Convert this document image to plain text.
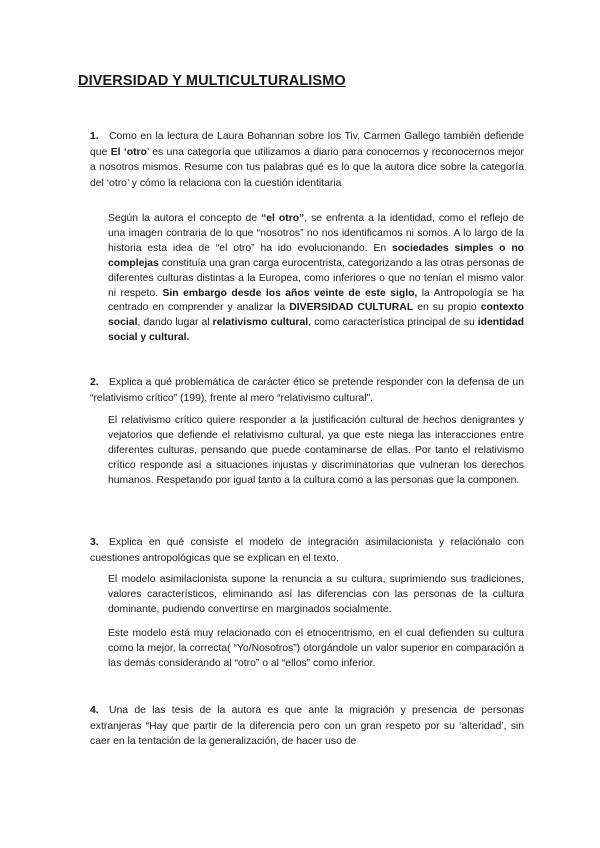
DIVERSIDAD Y MULTICULTURALISMO

1. Como en la lectura de Laura Bohannan sobre los Tiv, Carmen Gallego también defiende que El ‘otro’ es una categoría que utilizamos a diario para conocernos y reconocernos mejor a nosotros mismos. Resume con tus palabras qué es lo que la autora dice sobre la categoría del ‘otro’ y cómo la relaciona con la cuestión identitaria

Según la autora el concepto de “el otro”, se enfrenta a la identidad, como el reflejo de una imagen contraria de lo que “nosotros” no nos identificamos ni somos. A lo largo de la historia esta idea de “el otro” ha ido evolucionando. En sociedades simples o no complejas constituía una gran carga eurocentrista, categorizando a las otras personas de diferentes culturas distintas a la Europea, como inferiores o que no tenían el mismo valor ni respeto. Sin embargo desde los años veinte de este siglo, la Antropología se ha centrado en comprender y analizar la DIVERSIDAD CULTURAL en su propio contexto social, dando lugar al relativismo cultural, como característica principal de su identidad social y cultural.

2. Explica a qué problemática de carácter ético se pretende responder con la defensa de un “relativismo crítico” (199), frente al mero “relativismo cultural”.

El relativismo crítico quiere responder a la justificación cultural de hechos denigrantes y vejatorios que defiende el relativismo cultural, ya que este niega las interacciones entre diferentes culturas, pensando que puede contaminarse de ellas. Por tanto el relativismo crítico responde así a situaciones injustas y discriminatorias que vulneran los derechos humanos. Respetando por igual tanto a la cultura como a las personas que la componen.

3. Explica en qué consiste el modelo de integración asimilacionista y relaciónalo con cuestiones antropológicas que se explican en el texto.

El modelo asimilacionista supone la renuncia a su cultura, suprimiendo sus tradiciones, valores característicos, eliminando así las diferencias con las personas de la cultura dominante, pudiendo convertirse en marginados socialmente.

Este modelo está muy relacionado con el etnocentrismo, en el cual defienden su cultura como la mejor, la correcta( “Yo/Nosotros”) otorgándole un valor superior en comparación a las demás considerando al “otro” o al “ellos” como inferior.

4. Una de las tesis de la autora es que ante la migración y presencia de personas extranjeras “Hay que partir de la diferencia pero con un gran respeto por su ‘alteridad’, sin caer en la tentación de la generalización, de hacer uso de
